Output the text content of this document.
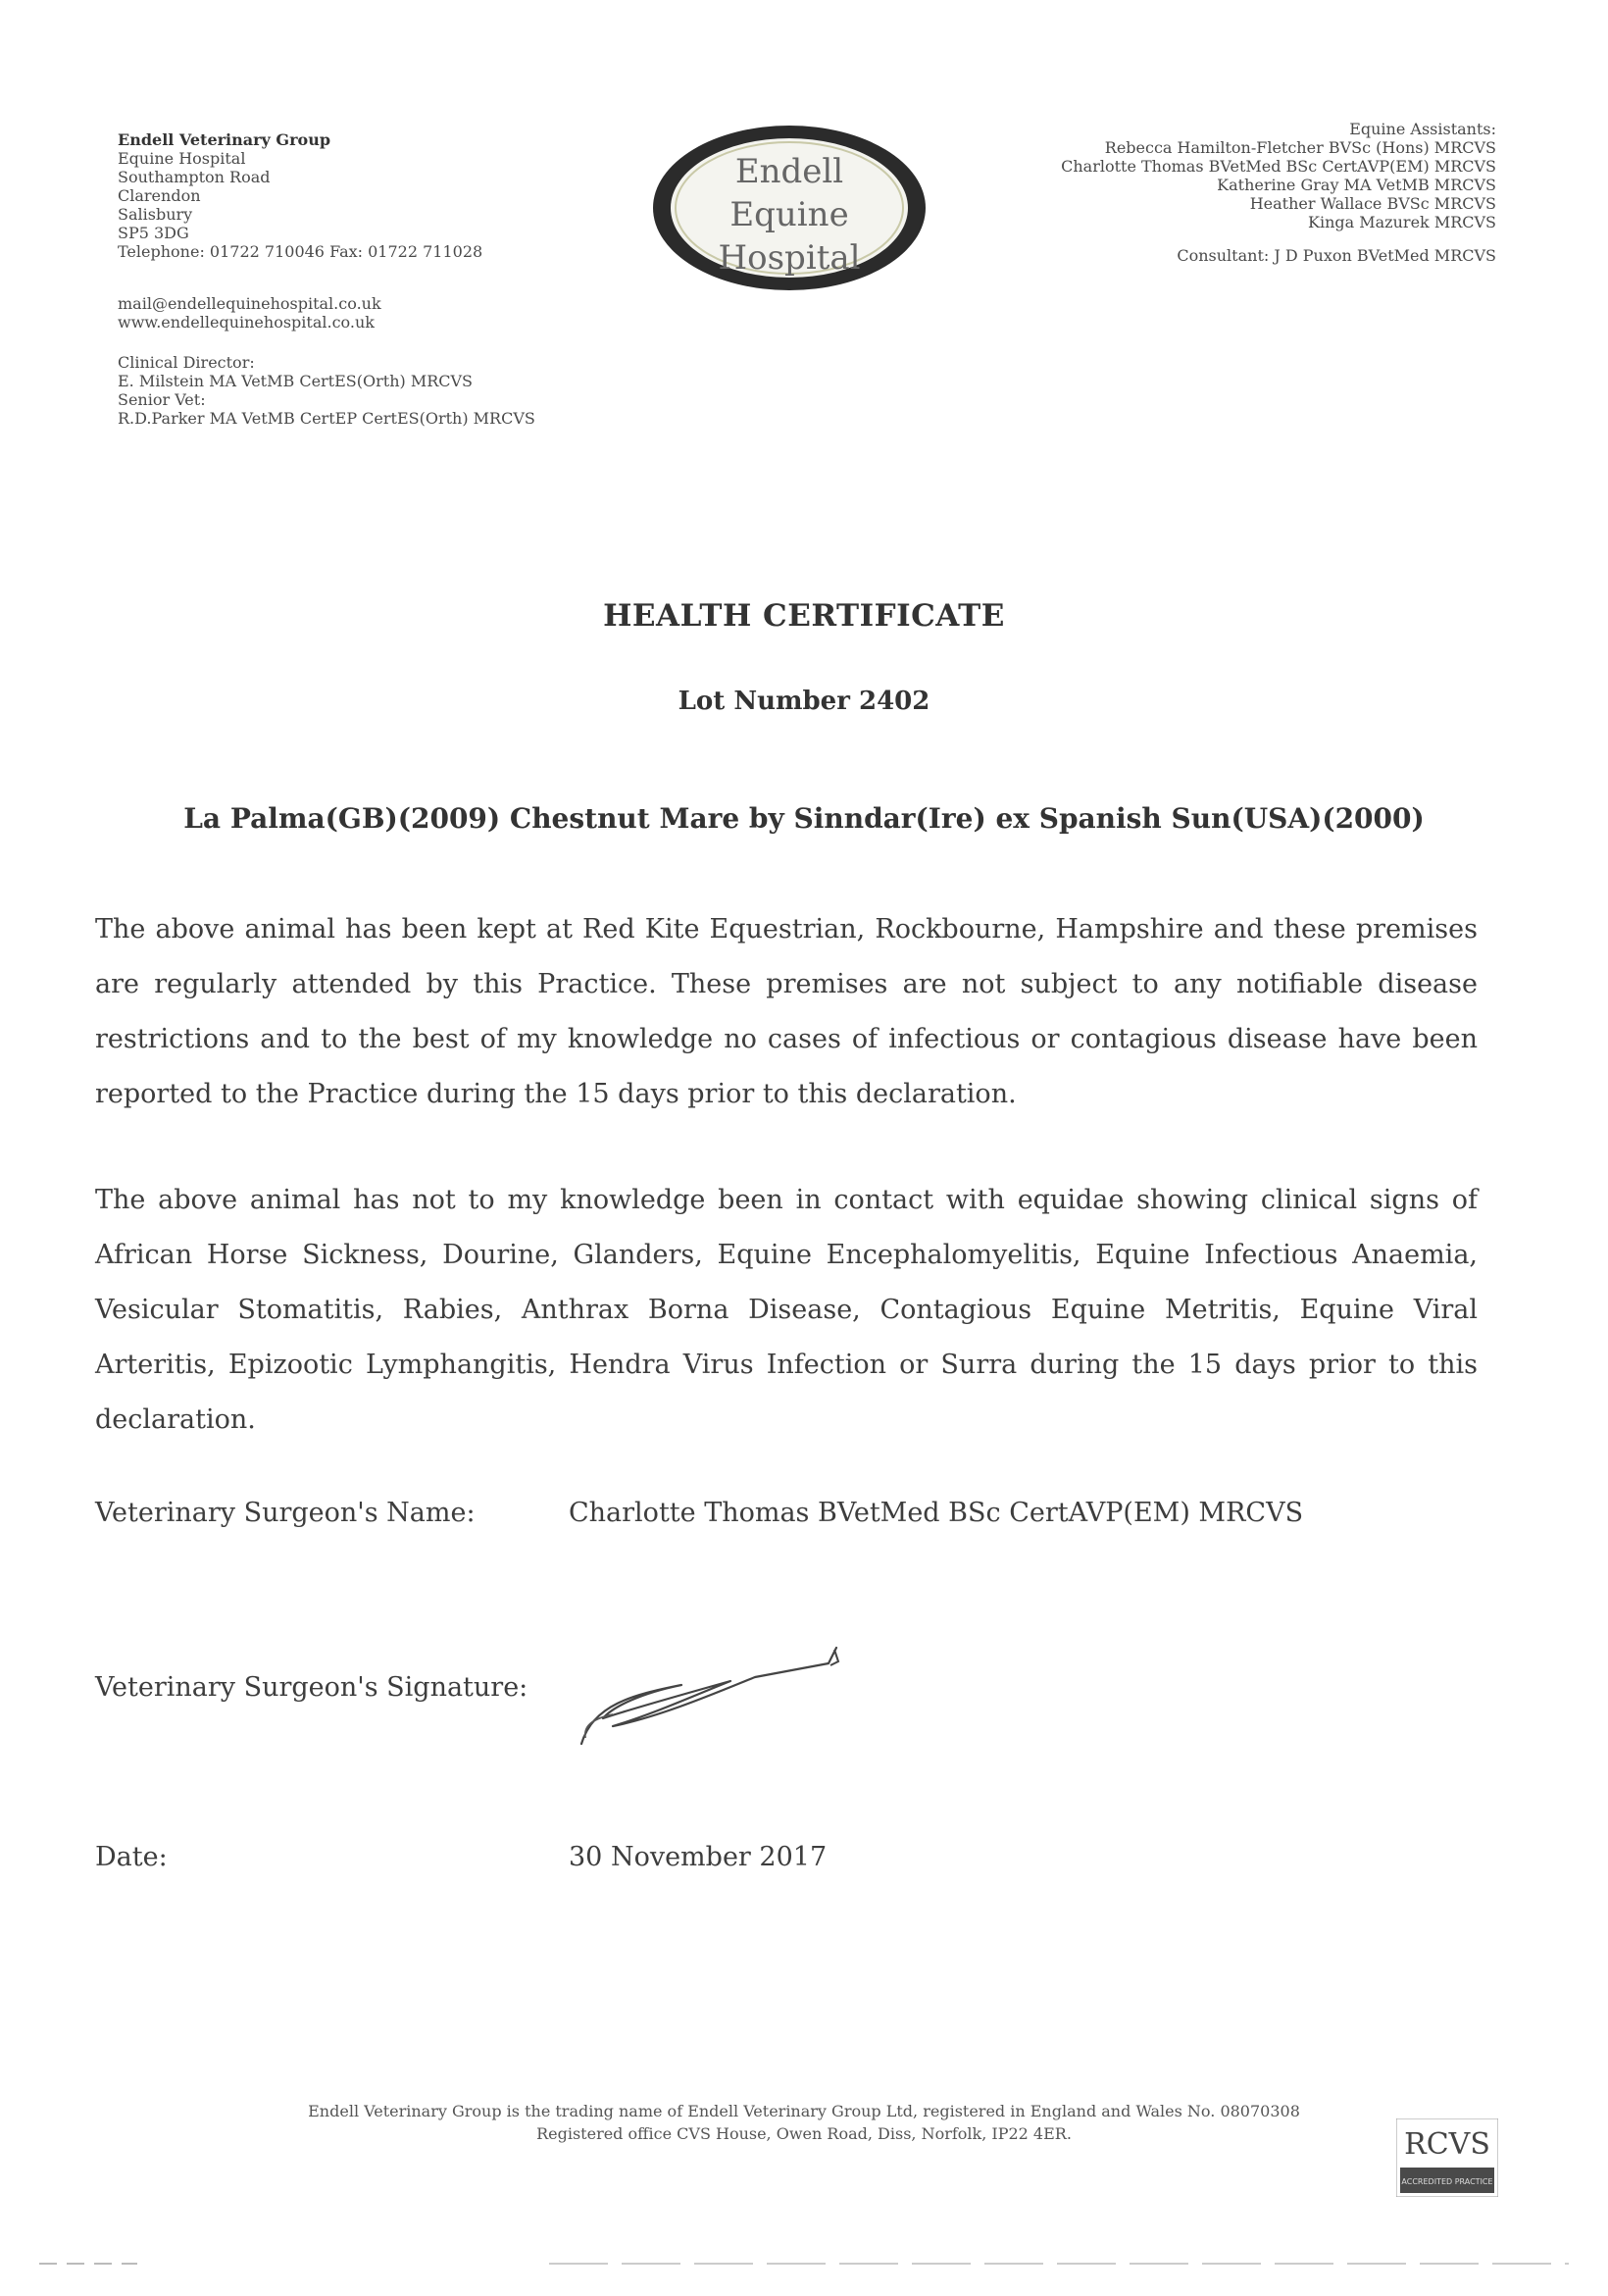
Endell Veterinary Group
Equine Hospital
Southampton Road
Clarendon
Salisbury
SP5 3DG
Telephone: 01722 710046 Fax: 01722 711028
mail@endellequinehospital.co.uk
www.endellequinehospital.co.uk
Clinical Director:
E. Milstein MA VetMB CertES(Orth) MRCVS
Senior Vet:
R.D.Parker MA VetMB CertEP CertES(Orth) MRCVS
Endell
Equine
Hospital
Equine Assistants:
Rebecca Hamilton-Fletcher BVSc (Hons) MRCVS
Charlotte Thomas BVetMed BSc CertAVP(EM) MRCVS
Katherine Gray MA VetMB MRCVS
Heather Wallace BVSc MRCVS
Kinga Mazurek MRCVS
Consultant: J D Puxon BVetMed MRCVS
HEALTH CERTIFICATE
Lot Number 2402
La Palma(GB)(2009) Chestnut Mare by Sinndar(Ire) ex Spanish Sun(USA)(2000)
The above animal has been kept at Red Kite Equestrian, Rockbourne, Hampshire and these premises are regularly attended by this Practice. These premises are not subject to any notifiable disease restrictions and to the best of my knowledge no cases of infectious or contagious disease have been reported to the Practice during the 15 days prior to this declaration.
The above animal has not to my knowledge been in contact with equidae showing clinical signs of African Horse Sickness, Dourine, Glanders, Equine Encephalomyelitis, Equine Infectious Anaemia, Vesicular Stomatitis, Rabies, Anthrax Borna Disease, Contagious Equine Metritis, Equine Viral Arteritis, Epizootic Lymphangitis, Hendra Virus Infection or Surra during the 15 days prior to this declaration.
Veterinary Surgeon's Name:	Charlotte Thomas BVetMed BSc CertAVP(EM) MRCVS
Veterinary Surgeon's Signature:
Date:	30 November 2017
Endell Veterinary Group is the trading name of Endell Veterinary Group Ltd, registered in England and Wales No. 08070308
Registered office CVS House, Owen Road, Diss, Norfolk, IP22 4ER.	RCVS
ACCREDITED PRACTICE
